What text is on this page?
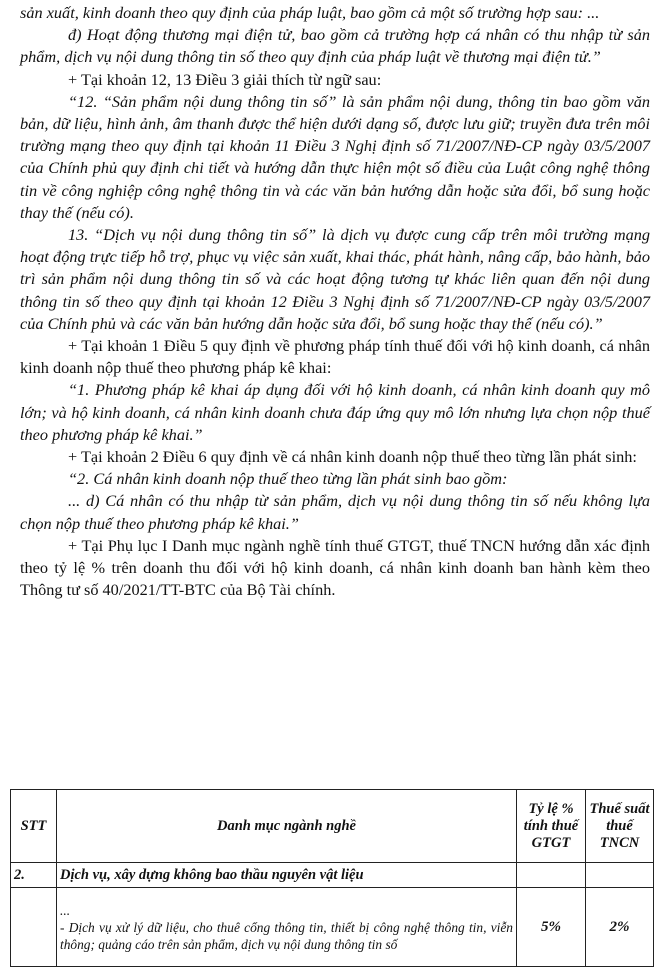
sản xuất, kinh doanh theo quy định của pháp luật, bao gồm cả một số trường hợp sau: ...

đ) Hoạt động thương mại điện tử, bao gồm cả trường hợp cá nhân có thu nhập từ sản phẩm, dịch vụ nội dung thông tin số theo quy định của pháp luật về thương mại điện tử.”

+ Tại khoản 12, 13 Điều 3 giải thích từ ngữ sau:

“12. “Sản phẩm nội dung thông tin số” là sản phẩm nội dung, thông tin bao gồm văn bản, dữ liệu, hình ảnh, âm thanh được thể hiện dưới dạng số, được lưu giữ; truyền đưa trên môi trường mạng theo quy định tại khoản 11 Điều 3 Nghị định số 71/2007/NĐ-CP ngày 03/5/2007 của Chính phủ quy định chi tiết và hướng dẫn thực hiện một số điều của Luật công nghệ thông tin về công nghiệp công nghệ thông tin và các văn bản hướng dẫn hoặc sửa đổi, bổ sung hoặc thay thế (nếu có).

13. “Dịch vụ nội dung thông tin số” là dịch vụ được cung cấp trên môi trường mạng hoạt động trực tiếp hỗ trợ, phục vụ việc sản xuất, khai thác, phát hành, nâng cấp, bảo hành, bảo trì sản phẩm nội dung thông tin số và các hoạt động tương tự khác liên quan đến nội dung thông tin số theo quy định tại khoản 12 Điều 3 Nghị định số 71/2007/NĐ-CP ngày 03/5/2007 của Chính phủ và các văn bản hướng dẫn hoặc sửa đổi, bổ sung hoặc thay thế (nếu có).”

+ Tại khoản 1 Điều 5 quy định về phương pháp tính thuế đối với hộ kinh doanh, cá nhân kinh doanh nộp thuế theo phương pháp kê khai:

“1. Phương pháp kê khai áp dụng đối với hộ kinh doanh, cá nhân kinh doanh quy mô lớn; và hộ kinh doanh, cá nhân kinh doanh chưa đáp ứng quy mô lớn nhưng lựa chọn nộp thuế theo phương pháp kê khai.”

+ Tại khoản 2 Điều 6 quy định về cá nhân kinh doanh nộp thuế theo từng lần phát sinh:

“2. Cá nhân kinh doanh nộp thuế theo từng lần phát sinh bao gồm:

... d) Cá nhân có thu nhập từ sản phẩm, dịch vụ nội dung thông tin số nếu không lựa chọn nộp thuế theo phương pháp kê khai.”

+ Tại Phụ lục I Danh mục ngành nghề tính thuế GTGT, thuế TNCN hướng dẫn xác định theo tỷ lệ % trên doanh thu đối với hộ kinh doanh, cá nhân kinh doanh ban hành kèm theo Thông tư số 40/2021/TT-BTC của Bộ Tài chính.

STT	Danh mục ngành nghề	Tỷ lệ % tính thuế GTGT	Thuế suất thuế TNCN
2.	Dịch vụ, xây dựng không bao thầu nguyên vật liệu		

	...
- Dịch vụ xử lý dữ liệu, cho thuê cổng thông tin, thiết bị công nghệ thông tin, viễn thông; quảng cáo trên sản phẩm, dịch vụ nội dung thông tin số	5%	2%
